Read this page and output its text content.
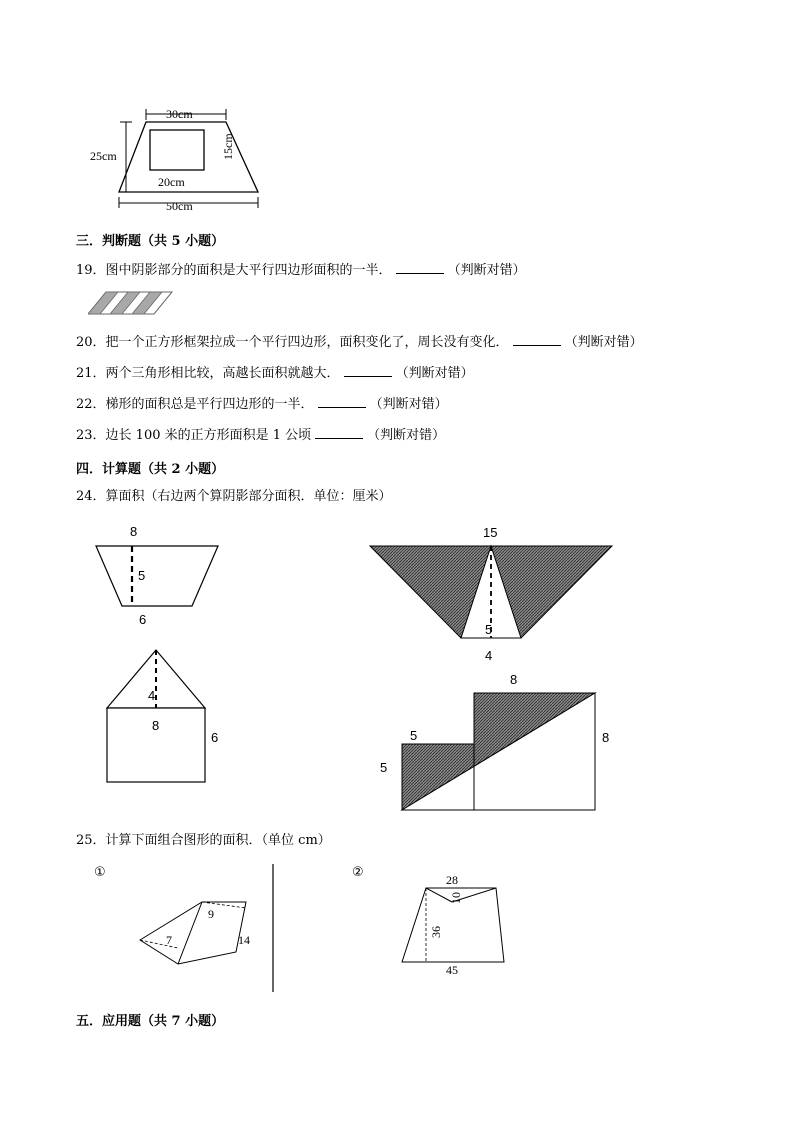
30cm
25cm	15cm
20cm
50cm
三．判断题（共 5 小题）
19．图中阴影部分的面积是大平行四边形面积的一半．	（判断对错）
20．把一个正方形框架拉成一个平行四边形，面积变化了，周长没有变化．	（判断对错）
21．两个三角形相比较，高越长面积就越大．	（判断对错）
22．梯形的面积总是平行四边形的一半．	（判断对错）
23．边长 100 米的正方形面积是 1 公顷	（判断对错）
四．计算题（共 2 小题）
24．算面积（右边两个算阴影部分面积．单位：厘米）
8
5
6
15
5
4
4
8
6
8
5
5
8
25．计算下面组合图形的面积．（单位 cm）
①
9
7	14
②
28
10
36
45
五．应用题（共 7 小题）
